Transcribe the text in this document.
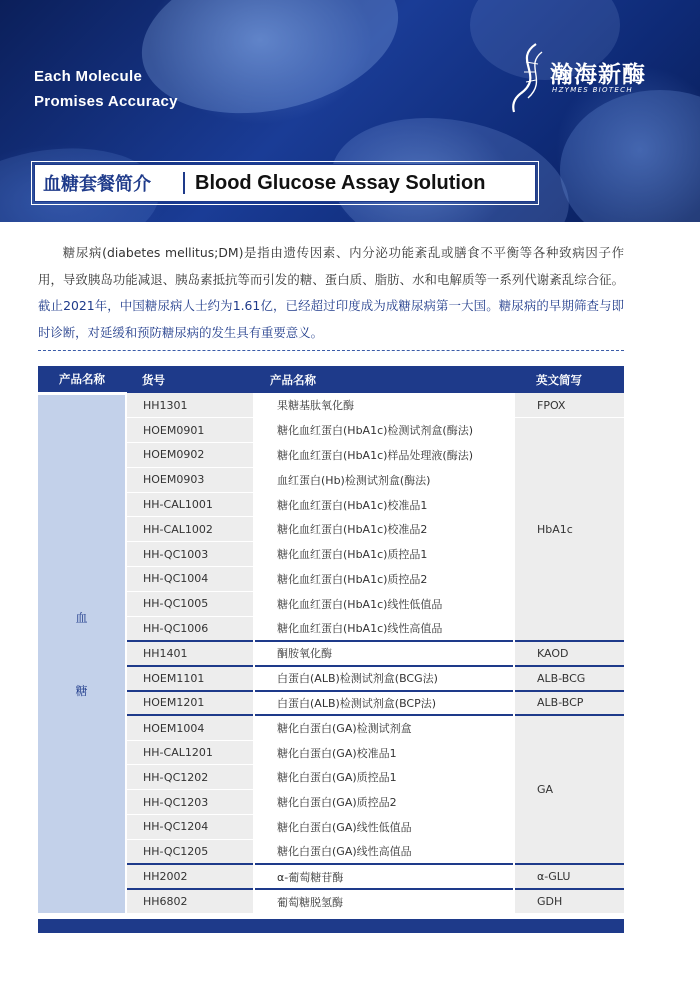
Each Molecule
Promises Accuracy
瀚海新酶
HZYMES BIOTECH
血糖套餐简介	Blood Glucose Assay Solution

糖尿病(diabetes mellitus;DM)是指由遗传因素、内分泌功能紊乱或膳食不平衡等各种致病因子作用，导致胰岛功能减退、胰岛素抵抗等而引发的糖、蛋白质、脂肪、水和电解质等一系列代谢紊乱综合征。截止2021年，中国糖尿病人士约为1.61亿，已经超过印度成为成糖尿病第一大国。糖尿病的早期筛查与即时诊断，对延缓和预防糖尿病的发生具有重要意义。

产品名称	货号	产品名称	英文简写

血
糖	HH1301	果糖基肽氧化酶	FPOX
	HOEM0901	糖化血红蛋白(HbA1c)检测试剂盒(酶法)	HbA1c
	HOEM0902	糖化血红蛋白(HbA1c)样品处理液(酶法)	
	HOEM0903	血红蛋白(Hb)检测试剂盒(酶法)	
	HH-CAL1001	糖化血红蛋白(HbA1c)校准品1	
	HH-CAL1002	糖化血红蛋白(HbA1c)校准品2	
	HH-QC1003	糖化血红蛋白(HbA1c)质控品1	
	HH-QC1004	糖化血红蛋白(HbA1c)质控品2	
	HH-QC1005	糖化血红蛋白(HbA1c)线性低值品	
	HH-QC1006	糖化血红蛋白(HbA1c)线性高值品	
	HH1401	酮胺氧化酶	KAOD
	HOEM1101	白蛋白(ALB)检测试剂盒(BCG法)	ALB-BCG
	HOEM1201	白蛋白(ALB)检测试剂盒(BCP法)	ALB-BCP
	HOEM1004	糖化白蛋白(GA)检测试剂盒	GA
	HH-CAL1201	糖化白蛋白(GA)校准品1	
	HH-QC1202	糖化白蛋白(GA)质控品1	
	HH-QC1203	糖化白蛋白(GA)质控品2	
	HH-QC1204	糖化白蛋白(GA)线性低值品	
	HH-QC1205	糖化白蛋白(GA)线性高值品	
	HH2002	α-葡萄糖苷酶	α-GLU
	HH6802	葡萄糖脱氢酶	GDH
